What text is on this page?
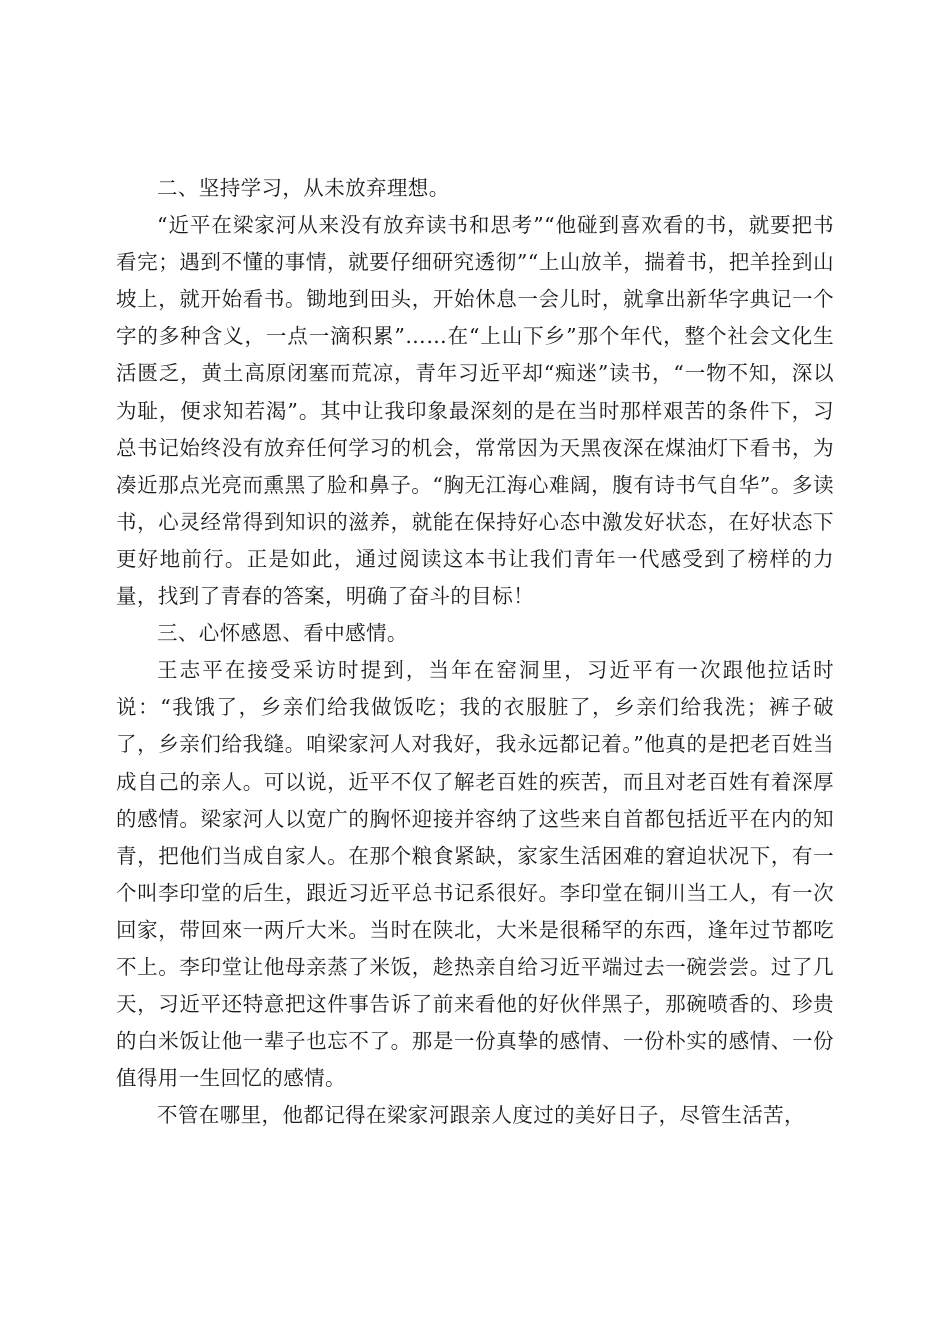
二、坚持学习，从未放弃理想。

“近平在梁家河从来没有放弃读书和思考”“他碰到喜欢看的书，就要把书看完；遇到不懂的事情，就要仔细研究透彻”“上山放羊，揣着书，把羊拴到山坡上，就开始看书。锄地到田头，开始休息一会儿时，就拿出新华字典记一个字的多种含义，一点一滴积累”……在“上山下乡”那个年代，整个社会文化生活匮乏，黄土高原闭塞而荒凉，青年习近平却“痴迷”读书，“一物不知，深以为耻，便求知若渴”。其中让我印象最深刻的是在当时那样艰苦的条件下，习总书记始终没有放弃任何学习的机会，常常因为天黑夜深在煤油灯下看书，为凑近那点光亮而熏黑了脸和鼻子。“胸无江海心难阔，腹有诗书气自华”。多读书，心灵经常得到知识的滋养，就能在保持好心态中激发好状态，在好状态下更好地前行。正是如此，通过阅读这本书让我们青年一代感受到了榜样的力量，找到了青春的答案，明确了奋斗的目标！

三、心怀感恩、看中感情。

王志平在接受采访时提到，当年在窑洞里，习近平有一次跟他拉话时说：“我饿了，乡亲们给我做饭吃；我的衣服脏了，乡亲们给我洗；裤子破了，乡亲们给我缝。咱梁家河人对我好，我永远都记着。”他真的是把老百姓当成自己的亲人。可以说，近平不仅了解老百姓的疾苦，而且对老百姓有着深厚的感情。梁家河人以宽广的胸怀迎接并容纳了这些来自首都包括近平在内的知青，把他们当成自家人。在那个粮食紧缺，家家生活困难的窘迫状况下，有一个叫李印堂的后生，跟近习近平总书记系很好。李印堂在铜川当工人，有一次回家，带回來一两斤大米。当时在陕北，大米是很稀罕的东西，逢年过节都吃不上。李印堂让他母亲蒸了米饭，趁热亲自给习近平端过去一碗尝尝。过了几天，习近平还特意把这件事告诉了前来看他的好伙伴黑子，那碗喷香的、珍贵的白米饭让他一辈子也忘不了。那是一份真挚的感情、一份朴实的感情、一份值得用一生回忆的感情。

不管在哪里，他都记得在梁家河跟亲人度过的美好日子，尽管生活苦，
